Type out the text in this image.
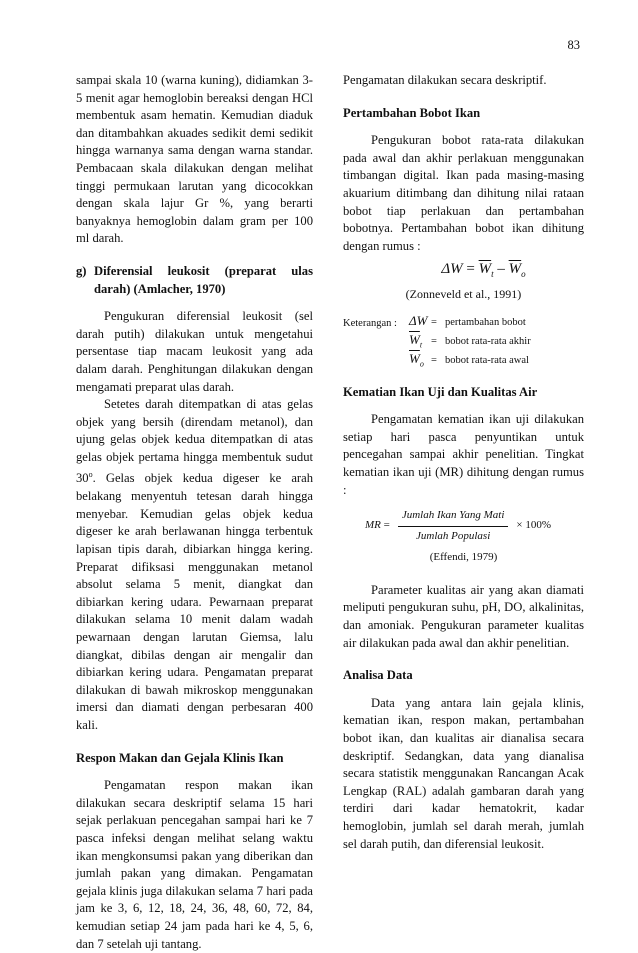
83

sampai skala 10 (warna kuning), didiamkan 3-5 menit agar hemoglobin bereaksi dengan HCl membentuk asam hematin. Kemudian diaduk dan ditambahkan akuades sedikit demi sedikit hingga warnanya sama dengan warna standar. Pembacaan skala dilakukan dengan melihat tinggi permukaan larutan yang dicocokkan dengan skala lajur Gr %, yang berarti banyaknya hemoglobin dalam gram per 100 ml darah.

g) Diferensial leukosit (preparat ulas darah) (Amlacher, 1970)

Pengukuran diferensial leukosit (sel darah putih) dilakukan untuk mengetahui persentase tiap macam leukosit yang ada dalam darah. Penghitungan dilakukan dengan mengamati preparat ulas darah.

Setetes darah ditempatkan di atas gelas objek yang bersih (direndam metanol), dan ujung gelas objek kedua ditempatkan di atas gelas objek pertama hingga membentuk sudut 30$^o$. Gelas objek kedua digeser ke arah belakang menyentuh tetesan darah hingga menyebar. Kemudian gelas objek kedua digeser ke arah berlawanan hingga terbentuk lapisan tipis darah, dibiarkan hingga kering. Preparat difiksasi menggunakan metanol absolut selama 5 menit, diangkat dan dibiarkan kering udara. Pewarnaan preparat dilakukan selama 10 menit dalam wadah pewarnaan dengan larutan Giemsa, lalu diangkat, dibilas dengan air mengalir dan dibiarkan kering udara. Pengamatan preparat dilakukan di bawah mikroskop menggunakan imersi dan diamati dengan perbesaran 400 kali.

Respon Makan dan Gejala Klinis Ikan

Pengamatan respon makan ikan dilakukan secara deskriptif selama 15 hari sejak perlakuan pencegahan sampai hari ke 7 pasca infeksi dengan melihat selang waktu ikan mengkonsumsi pakan yang diberikan dan jumlah pakan yang dimakan. Pengamatan gejala klinis juga dilakukan selama 7 hari pada jam ke 3, 6, 12, 18, 24, 36, 48, 60, 72, 84, kemudian setiap 24 jam pada hari ke 4, 5, 6, dan 7 setelah uji tantang.

Pengamatan dilakukan secara deskriptif.

Pertambahan Bobot Ikan

Pengukuran bobot rata-rata dilakukan pada awal dan akhir perlakuan menggunakan timbangan digital. Ikan pada masing-masing akuarium ditimbang dan dihitung nilai rataan bobot tiap perlakuan dan pertambahan bobotnya. Pertambahan bobot ikan dihitung dengan rumus :

$\Delta W = \overline{W}_t - \overline{W}_o$
(Zonneveld et al., 1991)
Keterangan : ΔW = pertambahan bobot
$\overline{W}_t$ = bobot rata-rata akhir
$\overline{W}_o$ = bobot rata-rata awal

Kematian Ikan Uji dan Kualitas Air

Pengamatan kematian ikan uji dilakukan setiap hari pasca penyuntikan untuk pencegahan sampai akhir penelitian. Tingkat kematian ikan uji (MR) dihitung dengan rumus :

MR
= $\frac{\text{Jumlah Ikan Yang Mati}}{\text{Jumlah Populasi}} \times 100\%$
(Effendi, 1979)

Parameter kualitas air yang akan diamati meliputi pengukuran suhu, pH, DO, alkalinitas, dan amoniak. Pengukuran parameter kualitas air dilakukan pada awal dan akhir penelitian.

Analisa Data

Data yang antara lain gejala klinis, kematian ikan, respon makan, pertambahan bobot ikan, dan kualitas air dianalisa secara deskriptif. Sedangkan, data yang dianalisa secara statistik menggunakan Rancangan Acak Lengkap (RAL) adalah gambaran darah yang terdiri dari kadar hematokrit, kadar hemoglobin, jumlah sel darah merah, jumlah sel darah putih, dan diferensial leukosit.
